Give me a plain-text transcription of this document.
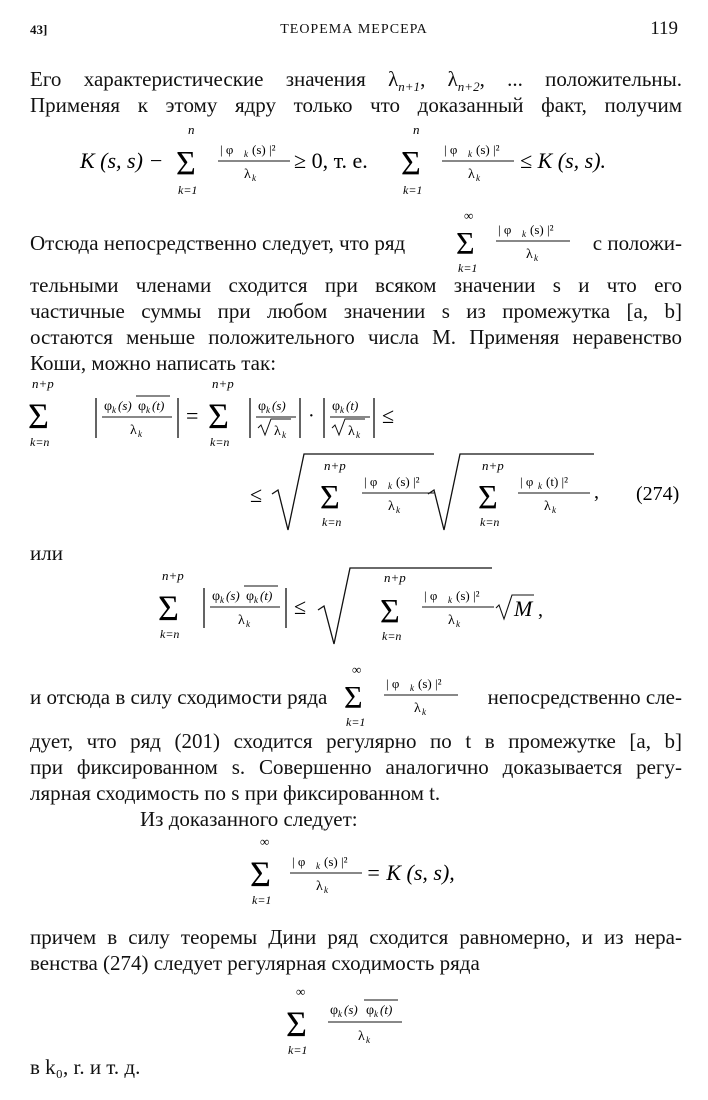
43]	ТЕОРЕМА МЕРСЕРА	119
Его характеристические значения $\lambda_{n+1}$, $\lambda_{n+2}$, ... положительны.
Применяя к этому ядру только что доказанный факт, получим
K (s, s) −
n
Σ
k=1
| φ k (s) |²
λ k
≥ 0, т. е.
n
Σ
k=1
| φ k (s) |²
λ k
≤ K (s, s).
Отсюда непосредственно следует, что ряд
∞
Σ
k=1
| φ k (s) |²
λ k
с положи-
тельными членами сходится при всяком значении s и что его
частичные суммы при любом значении s из промежутка [a, b]
остаются меньше положительного числа M. Применяя неравенство
Коши, можно написать так:
n+p
Σ
k=n
φ k (s) φ k (t)
λ k
=
n+p
Σ
k=n
φ k (s)
λ k
· φ k (t)
λ k
≤
≤
n+p
Σ
k=n
| φ k (s) |²
λ k
n+p
Σ
k=n
| φ k (t) |²
λ k
, (274)
или
n+p
Σ
k=n
φ k (s) φ k (t)
λ k
≤
n+p
Σ
k=n
| φ k (s) |²
λ k
M ,
и отсюда в силу сходимости ряда
∞
Σ
k=1
| φ k (s) |²
λ k
непосредственно сле-
дует, что ряд (201) сходится регулярно по t в промежутке [a, b]
при фиксированном s. Совершенно аналогично доказывается регу-
лярная сходимость по s при фиксированном t.
Из доказанного следует:
∞
Σ
k=1
| φ k (s) |²
λ k
= K (s, s),
причем в силу теоремы Дини ряд сходится равномерно, и из нера-
венства (274) следует регулярная сходимость ряда
∞
Σ
k=1
φ k (s) φ k (t)
λ k
в k₀, r. и т. д.
